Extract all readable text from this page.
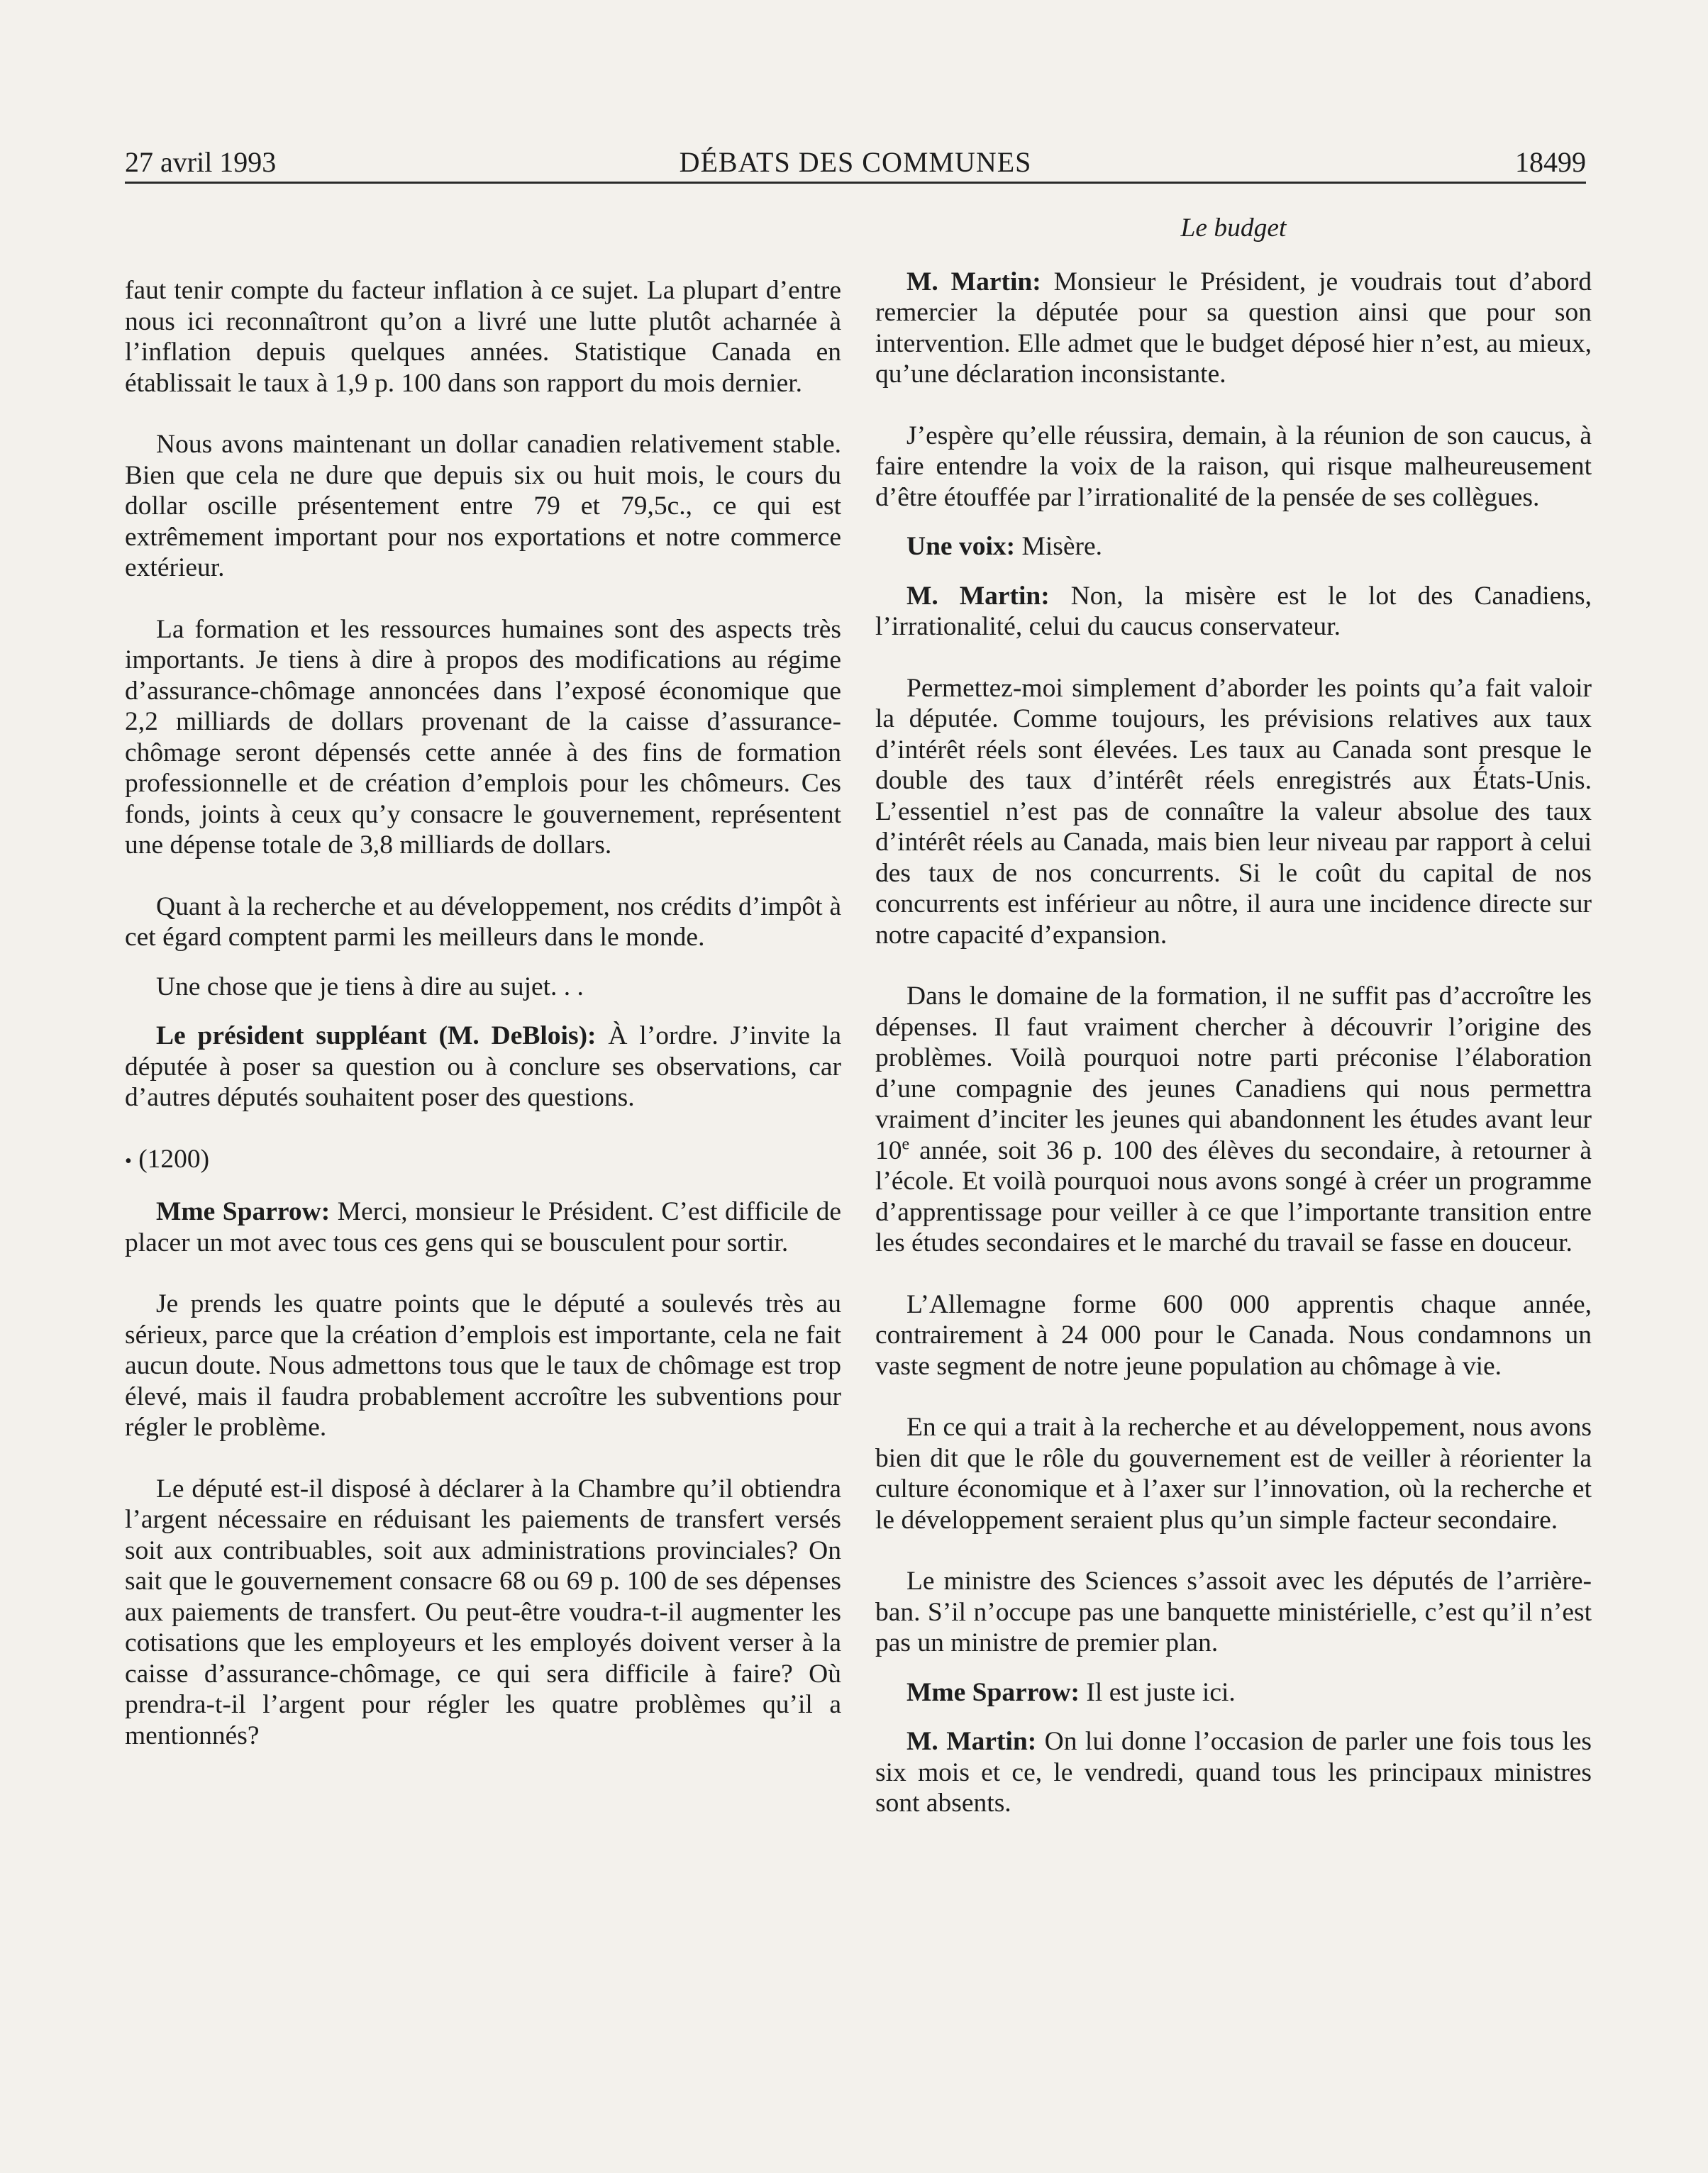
27 avril 1993	DÉBATS DES COMMUNES	18499

faut tenir compte du facteur inflation à ce sujet. La plupart d’entre nous ici reconnaîtront qu’on a livré une lutte plutôt acharnée à l’inflation depuis quelques années. Statistique Canada en établissait le taux à 1,9 p. 100 dans son rapport du mois dernier.

Nous avons maintenant un dollar canadien relativement stable. Bien que cela ne dure que depuis six ou huit mois, le cours du dollar oscille présentement entre 79 et 79,5c., ce qui est extrêmement important pour nos exportations et notre commerce extérieur.

La formation et les ressources humaines sont des aspects très importants. Je tiens à dire à propos des modifications au régime d’assurance-chômage annoncées dans l’exposé économique que 2,2 milliards de dollars provenant de la caisse d’assurance-chômage seront dépensés cette année à des fins de formation professionnelle et de création d’emplois pour les chômeurs. Ces fonds, joints à ceux qu’y consacre le gouvernement, représentent une dépense totale de 3,8 milliards de dollars.

Quant à la recherche et au développement, nos crédits d’impôt à cet égard comptent parmi les meilleurs dans le monde.

Une chose que je tiens à dire au sujet. . .

Le président suppléant (M. DeBlois): À l’ordre. J’invite la députée à poser sa question ou à conclure ses observations, car d’autres députés souhaitent poser des questions.

• (1200)

Mme Sparrow: Merci, monsieur le Président. C’est difficile de placer un mot avec tous ces gens qui se bousculent pour sortir.

Je prends les quatre points que le député a soulevés très au sérieux, parce que la création d’emplois est importante, cela ne fait aucun doute. Nous admettons tous que le taux de chômage est trop élevé, mais il faudra probablement accroître les subventions pour régler le problème.

Le député est-il disposé à déclarer à la Chambre qu’il obtiendra l’argent nécessaire en réduisant les paiements de transfert versés soit aux contribuables, soit aux administrations provinciales? On sait que le gouvernement consacre 68 ou 69 p. 100 de ses dépenses aux paiements de transfert. Ou peut-être voudra-t-il augmenter les cotisations que les employeurs et les employés doivent verser à la caisse d’assurance-chômage, ce qui sera difficile à faire? Où prendra-t-il l’argent pour régler les quatre problèmes qu’il a mentionnés?

Le budget

M. Martin: Monsieur le Président, je voudrais tout d’abord remercier la députée pour sa question ainsi que pour son intervention. Elle admet que le budget déposé hier n’est, au mieux, qu’une déclaration inconsistante.

J’espère qu’elle réussira, demain, à la réunion de son caucus, à faire entendre la voix de la raison, qui risque malheureusement d’être étouffée par l’irrationalité de la pensée de ses collègues.

Une voix: Misère.

M. Martin: Non, la misère est le lot des Canadiens, l’irrationalité, celui du caucus conservateur.

Permettez-moi simplement d’aborder les points qu’a fait valoir la députée. Comme toujours, les prévisions relatives aux taux d’intérêt réels sont élevées. Les taux au Canada sont presque le double des taux d’intérêt réels enregistrés aux États-Unis. L’essentiel n’est pas de connaître la valeur absolue des taux d’intérêt réels au Canada, mais bien leur niveau par rapport à celui des taux de nos concurrents. Si le coût du capital de nos concurrents est inférieur au nôtre, il aura une incidence directe sur notre capacité d’expansion.

Dans le domaine de la formation, il ne suffit pas d’accroître les dépenses. Il faut vraiment chercher à découvrir l’origine des problèmes. Voilà pourquoi notre parti préconise l’élaboration d’une compagnie des jeunes Canadiens qui nous permettra vraiment d’inciter les jeunes qui abandonnent les études avant leur 10e année, soit 36 p. 100 des élèves du secondaire, à retourner à l’école. Et voilà pourquoi nous avons songé à créer un programme d’apprentissage pour veiller à ce que l’importante transition entre les études secondaires et le marché du travail se fasse en douceur.

L’Allemagne forme 600 000 apprentis chaque année, contrairement à 24 000 pour le Canada. Nous condamnons un vaste segment de notre jeune population au chômage à vie.

En ce qui a trait à la recherche et au développement, nous avons bien dit que le rôle du gouvernement est de veiller à réorienter la culture économique et à l’axer sur l’innovation, où la recherche et le développement seraient plus qu’un simple facteur secondaire.

Le ministre des Sciences s’assoit avec les députés de l’arrière-ban. S’il n’occupe pas une banquette ministérielle, c’est qu’il n’est pas un ministre de premier plan.

Mme Sparrow: Il est juste ici.

M. Martin: On lui donne l’occasion de parler une fois tous les six mois et ce, le vendredi, quand tous les principaux ministres sont absents.
